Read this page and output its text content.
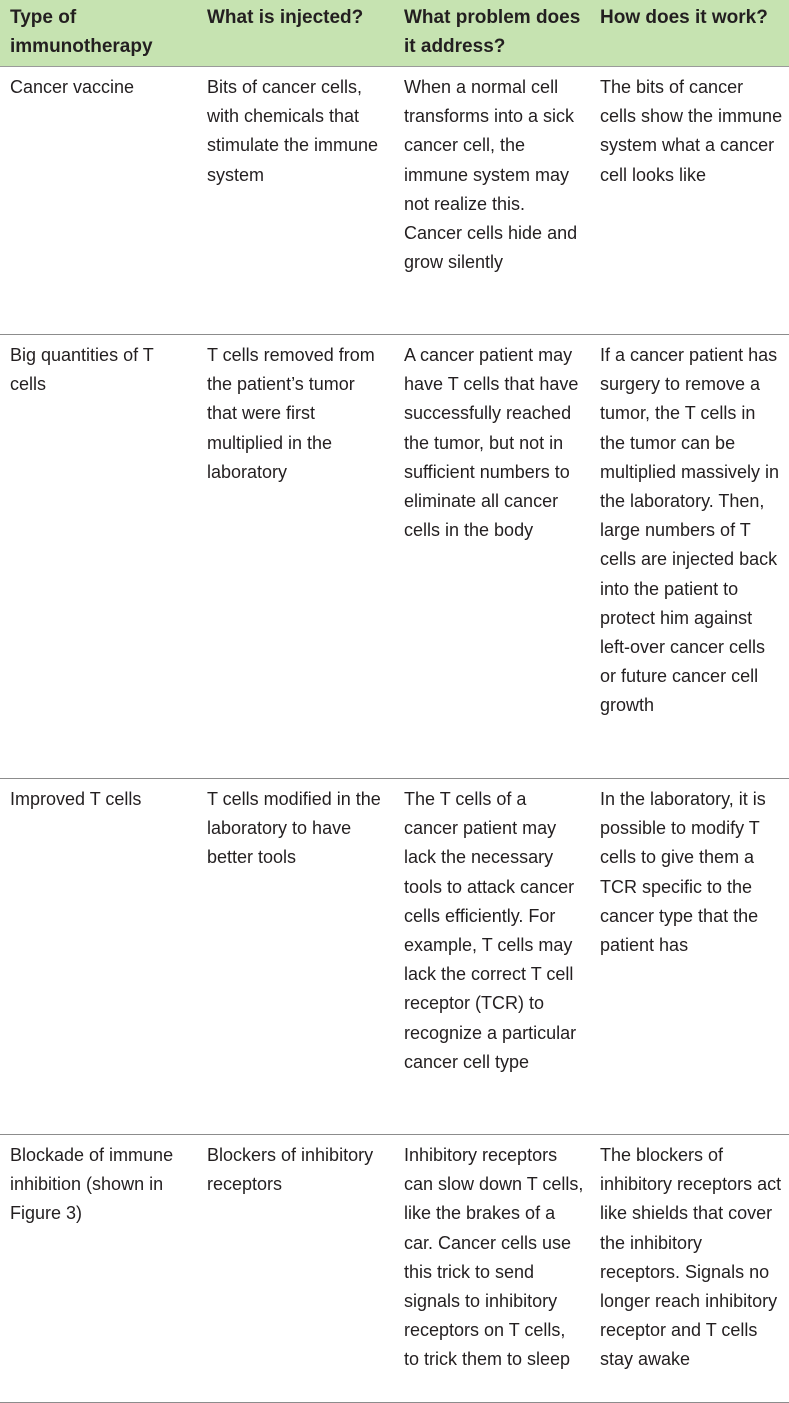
Type of immunotherapy	What is injected?	What problem does it address?	How does it work?
Cancer vaccine	Bits of cancer cells, with chemicals that stimulate the immune system	When a normal cell transforms into a sick cancer cell, the immune system may not realize this. Cancer cells hide and grow silently	The bits of cancer cells show the immune system what a cancer cell looks like
Big quantities of T cells	T cells removed from the patient’s tumor that were first multiplied in the laboratory	A cancer patient may have T cells that have successfully reached the tumor, but not in sufficient numbers to eliminate all cancer cells in the body	If a cancer patient has surgery to remove a tumor, the T cells in the tumor can be multiplied massively in the laboratory. Then, large numbers of T cells are injected back into the patient to protect him against left-over cancer cells or future cancer cell growth
Improved T cells	T cells modified in the laboratory to have better tools	The T cells of a cancer patient may lack the necessary tools to attack cancer cells efficiently. For example, T cells may lack the correct T cell receptor (TCR) to recognize a particular cancer cell type	In the laboratory, it is possible to modify T cells to give them a TCR specific to the cancer type that the patient has
Blockade of immune inhibition (shown in Figure 3)	Blockers of inhibitory receptors	Inhibitory receptors can slow down T cells, like the brakes of a car. Cancer cells use this trick to send signals to inhibitory receptors on T cells, to trick them to sleep	The blockers of inhibitory receptors act like shields that cover the inhibitory receptors. Signals no longer reach inhibitory receptor and T cells stay awake
